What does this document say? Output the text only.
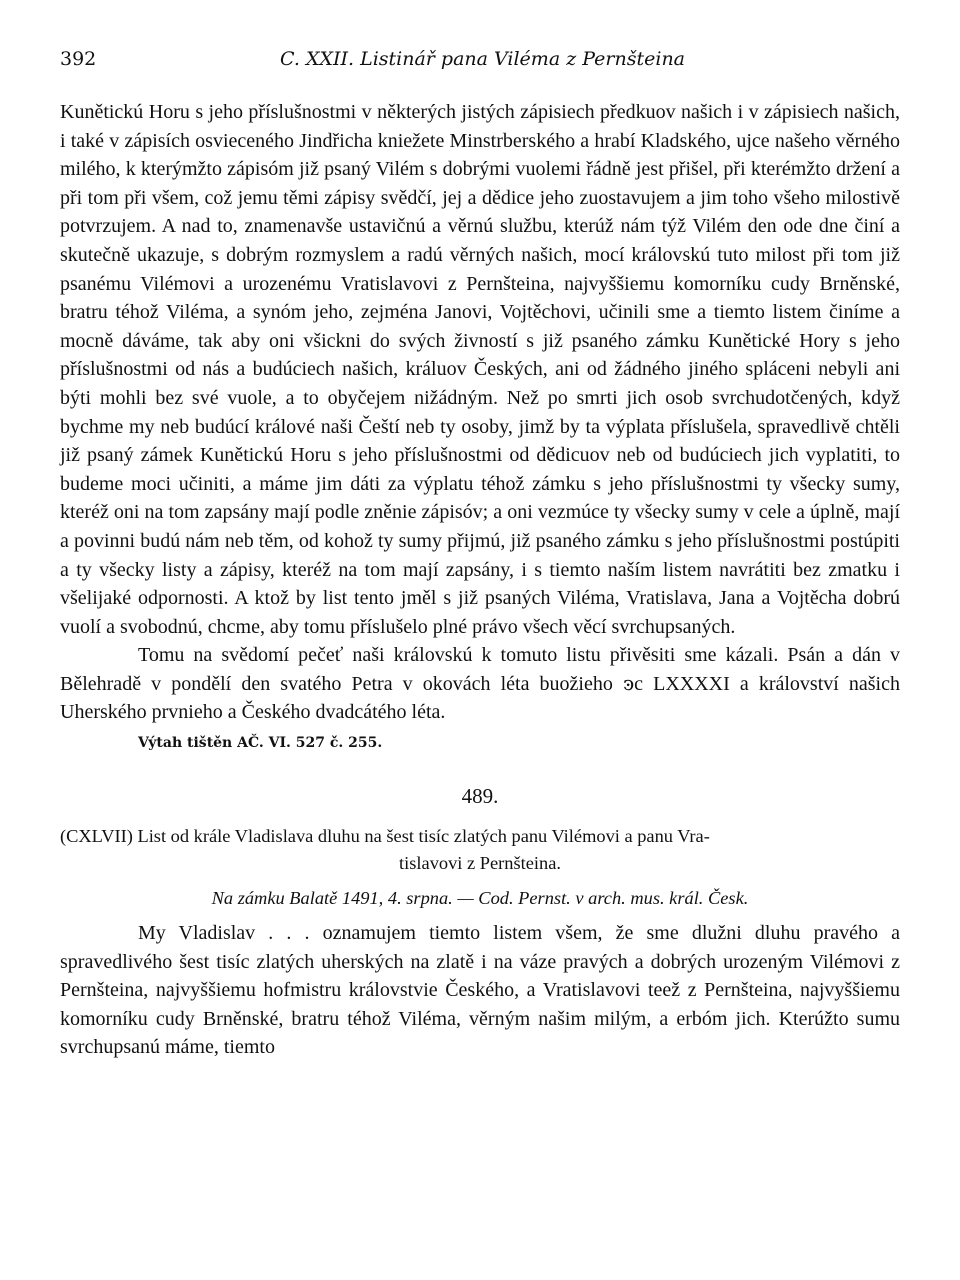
392	C. XXII. Listinář pana Viléma z Pernšteina

Kunětickú Horu s jeho příslušnostmi v některých jistých zápisiech předkuov našich i v zápisiech našich, i také v zápisích osvieceného Jindřicha kniežete Minstrberského a hrabí Kladského, ujce našeho věrného milého, k kterýmžto zápisóm již psaný Vilém s dobrými vuolemi řádně jest přišel, při kterémžto držení a při tom při všem, což jemu těmi zápisy svědčí, jej a dědice jeho zuostavujem a jim toho všeho milostivě potvrzujem. A nad to, znamenavše ustavičnú a věrnú službu, kterúž nám týž Vilém den ode dne činí a skutečně ukazuje, s dobrým rozmyslem a radú věrných našich, mocí královskú tuto milost při tom již psanému Vilémovi a urozenému Vratislavovi z Pernšteina, najvyššiemu komorníku cudy Brněnské, bratru téhož Viléma, a synóm jeho, zejména Janovi, Vojtěchovi, učinili sme a tiemto listem činíme a mocně dáváme, tak aby oni všickni do svých živností s již psaného zámku Kunětické Hory s jeho příslušnostmi od nás a budúciech našich, králuov Českých, ani od žádného jiného spláceni nebyli ani býti mohli bez své vuole, a to obyčejem nižádným. Než po smrti jich osob svrchudotčených, když bychme my neb budúcí králové naši Čeští neb ty osoby, jimž by ta výplata příslušela, spravedlivě chtěli již psaný zámek Kunětickú Horu s jeho příslušnostmi od dědicuov neb od budúciech jich vyplatiti, to budeme moci učiniti, a máme jim dáti za výplatu téhož zámku s jeho příslušnostmi ty všecky sumy, kteréž oni na tom zapsány mají podle zněnie zápisóv; a oni vezmúce ty všecky sumy v cele a úplně, mají a povinni budú nám neb těm, od kohož ty sumy přijmú, již psaného zámku s jeho příslušnostmi postúpiti a ty všecky listy a zápisy, kteréž na tom mají zapsány, i s tiemto naším listem navrátiti bez zmatku i všelijaké odpornosti. A ktož by list tento jměl s již psaných Viléma, Vratislava, Jana a Vojtěcha dobrú vuolí a svobodnú, chcme, aby tomu příslušelo plné právo všech věcí svrchupsaných.

Tomu na svědomí pečeť naši královskú k tomuto listu přivěsiti sme kázali. Psán a dán v Bělehradě v pondělí den svatého Petra v okovách léta buožieho ꜿc LXXXXI a království našich Uherského prvnieho a Českého dvadcátého léta.

Výtah tištěn AČ. VI. 527 č. 255.
489.
(CXLVII) List od krále Vladislava dluhu na šest tisíc zlatých panu Vilémovi a panu Vra-
tislavovi z Pernšteina.
Na zámku Balatě 1491, 4. srpna. — Cod. Pernst. v arch. mus. král. Česk.

My Vladislav . . . oznamujem tiemto listem všem, že sme dlužni dluhu pravého a spravedlivého šest tisíc zlatých uherských na zlatě i na váze pravých a dobrých urozeným Vilémovi z Pernšteina, najvyššiemu hofmistru královstvie Českého, a Vratislavovi teež z Pernšteina, najvyššiemu komorníku cudy Brněnské, bratru téhož Viléma, věrným našim milým, a erbóm jich. Kterúžto sumu svrchupsanú máme, tiemto
